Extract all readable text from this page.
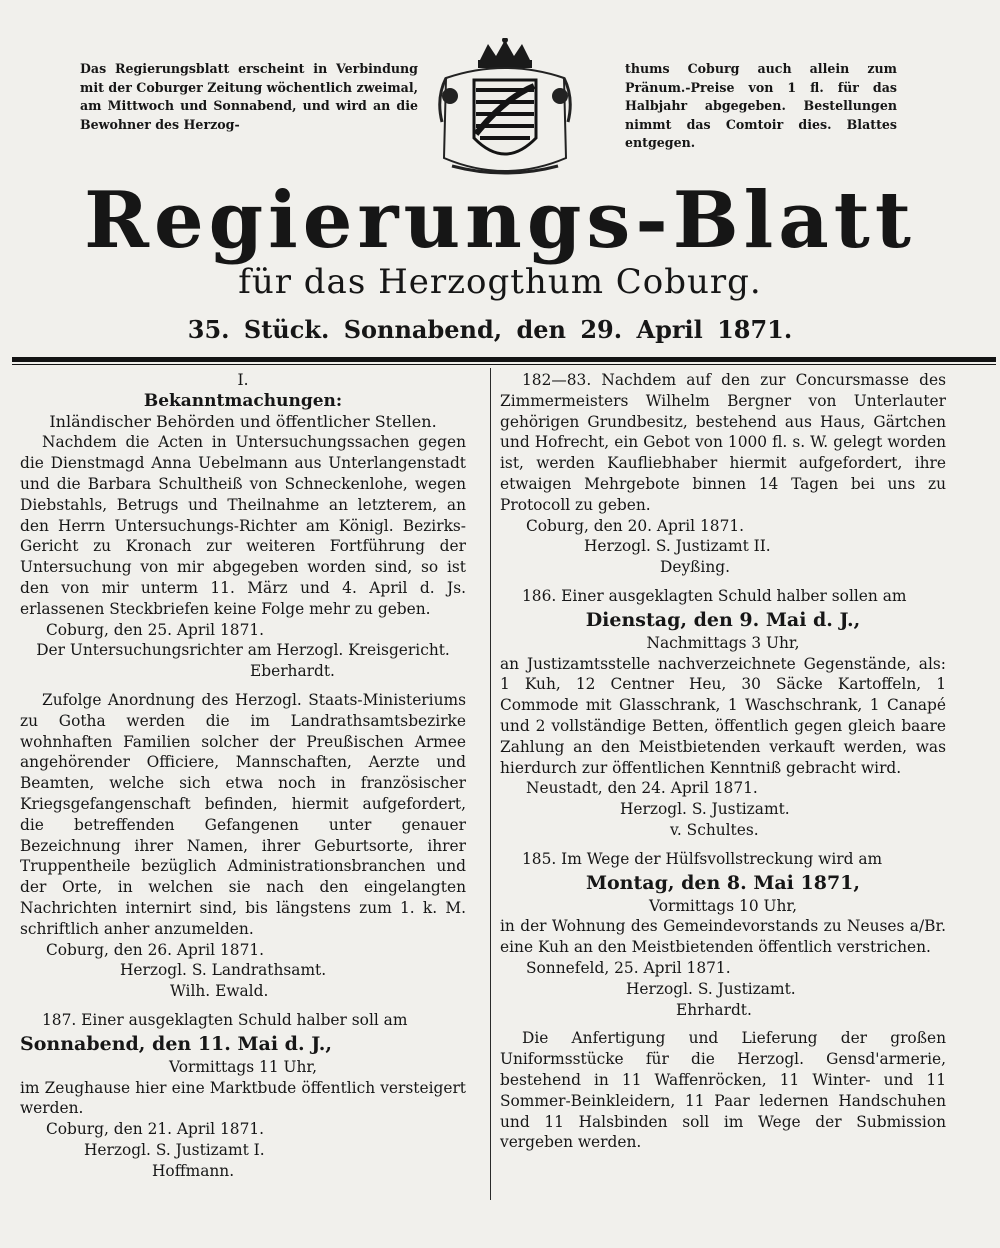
Das Regierungsblatt erscheint in Verbindung mit der Coburger Zeitung wöchentlich zweimal, am Mittwoch und Sonnabend, und wird an die Bewohner des Herzog-
thums Coburg auch allein zum Pränum.-Preise von 1 fl. für das Halbjahr abgegeben. Bestellungen nimmt das Comtoir dies. Blattes entgegen.
Regierungs-Blatt
für das Herzogthum Coburg.
35. Stück. Sonnabend, den 29. April 1871.
I.
Bekanntmachungen:
Inländischer Behörden und öffentlicher Stellen.
Nachdem die Acten in Untersuchungssachen gegen die Dienstmagd Anna Uebelmann aus Unterlangenstadt und die Barbara Schultheiß von Schneckenlohe, wegen Diebstahls, Betrugs und Theilnahme an letzterem, an den Herrn Untersuchungs-Richter am Königl. Bezirks-Gericht zu Kronach zur weiteren Fortführung der Untersuchung von mir abgegeben worden sind, so ist den von mir unterm 11. März und 4. April d. Js. erlassenen Steckbriefen keine Folge mehr zu geben.
Coburg, den 25. April 1871.
Der Untersuchungsrichter am Herzogl. Kreisgericht.
Eberhardt.
Zufolge Anordnung des Herzogl. Staats-Ministeriums zu Gotha werden die im Landrathsamtsbezirke wohnhaften Familien solcher der Preußischen Armee angehörender Officiere, Mannschaften, Aerzte und Beamten, welche sich etwa noch in französischer Kriegsgefangenschaft befinden, hiermit aufgefordert, die betreffenden Gefangenen unter genauer Bezeichnung ihrer Namen, ihrer Geburtsorte, ihrer Truppentheile bezüglich Administrationsbranchen und der Orte, in welchen sie nach den eingelangten Nachrichten internirt sind, bis längstens zum 1. k. M. schriftlich anher anzumelden.
Coburg, den 26. April 1871.
Herzogl. S. Landrathsamt.
Wilh. Ewald.
187. Einer ausgeklagten Schuld halber soll am
Sonnabend, den 11. Mai d. J.,
Vormittags 11 Uhr,
im Zeughause hier eine Marktbude öffentlich versteigert werden.
Coburg, den 21. April 1871.
Herzogl. S. Justizamt I.
Hoffmann.
182—83. Nachdem auf den zur Concursmasse des Zimmermeisters Wilhelm Bergner von Unterlauter gehörigen Grundbesitz, bestehend aus Haus, Gärtchen und Hofrecht, ein Gebot von 1000 fl. s. W. gelegt worden ist, werden Kaufliebhaber hiermit aufgefordert, ihre etwaigen Mehrgebote binnen 14 Tagen bei uns zu Protocoll zu geben.
Coburg, den 20. April 1871.
Herzogl. S. Justizamt II.
Deyßing.
186. Einer ausgeklagten Schuld halber sollen am
Dienstag, den 9. Mai d. J.,
Nachmittags 3 Uhr,
an Justizamtsstelle nachverzeichnete Gegenstände, als: 1 Kuh, 12 Centner Heu, 30 Säcke Kartoffeln, 1 Commode mit Glasschrank, 1 Waschschrank, 1 Canapé und 2 vollständige Betten, öffentlich gegen gleich baare Zahlung an den Meistbietenden verkauft werden, was hierdurch zur öffentlichen Kenntniß gebracht wird.
Neustadt, den 24. April 1871.
Herzogl. S. Justizamt.
v. Schultes.
185. Im Wege der Hülfsvollstreckung wird am
Montag, den 8. Mai 1871,
Vormittags 10 Uhr,
in der Wohnung des Gemeindevorstands zu Neuses a/Br. eine Kuh an den Meistbietenden öffentlich verstrichen.
Sonnefeld, 25. April 1871.
Herzogl. S. Justizamt.
Ehrhardt.
Die Anfertigung und Lieferung der großen Uniformsstücke für die Herzogl. Gensd'armerie, bestehend in 11 Waffenröcken, 11 Winter- und 11 Sommer-Beinkleidern, 11 Paar ledernen Handschuhen und 11 Halsbinden soll im Wege der Submission vergeben werden.
